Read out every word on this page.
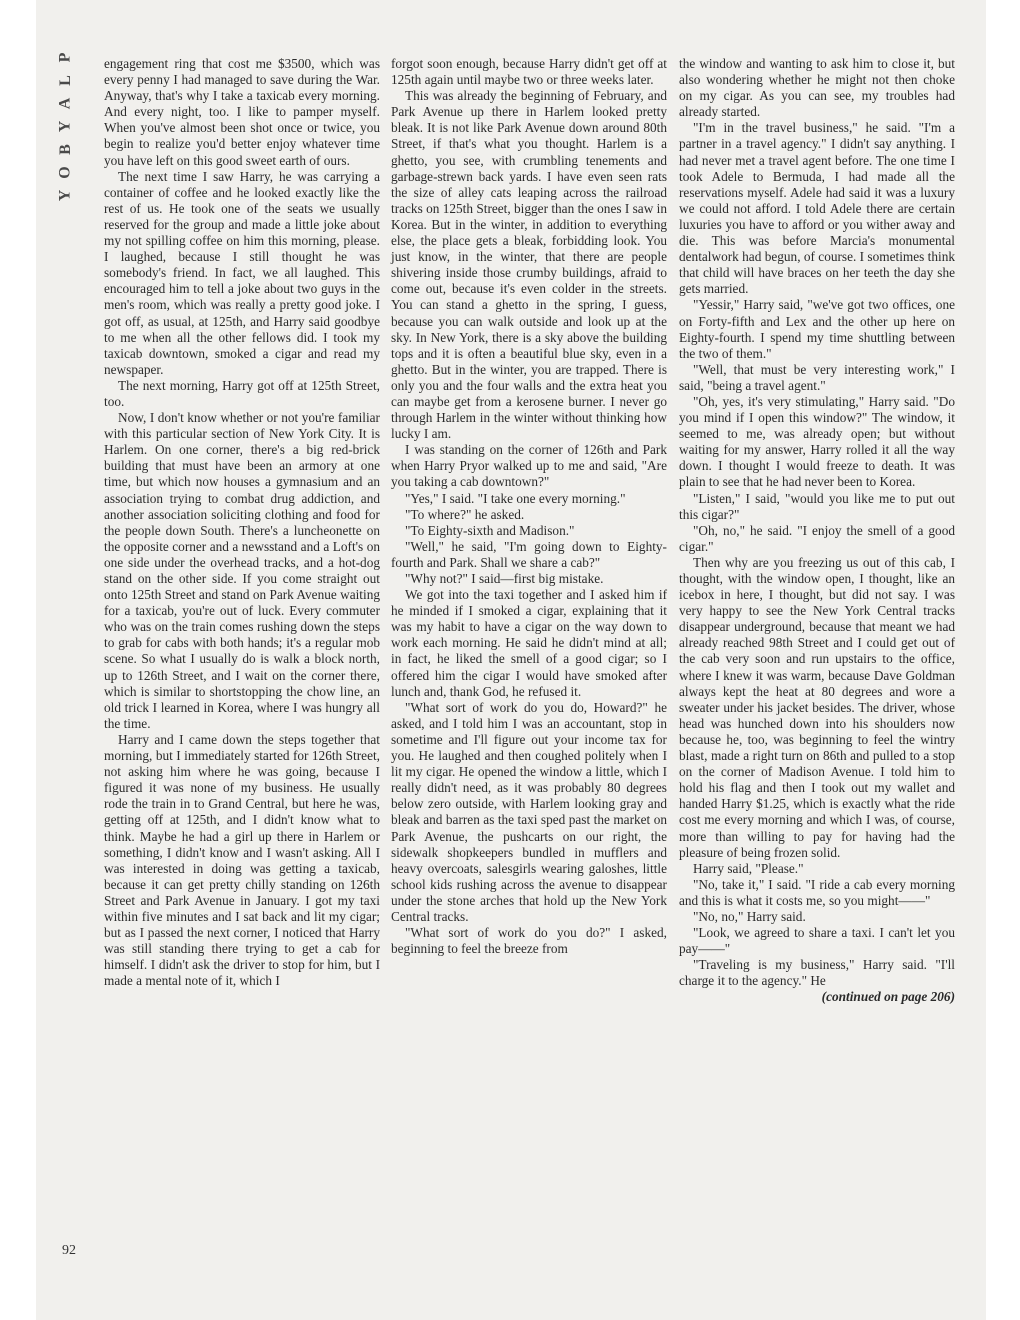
P
L
A
Y
B
O
Y

engagement ring that cost me $3500, which was every penny I had managed to save during the War. Anyway, that's why I take a taxicab every morning. And every night, too. I like to pamper myself. When you've almost been shot once or twice, you begin to realize you'd better enjoy whatever time you have left on this good sweet earth of ours.

The next time I saw Harry, he was carrying a container of coffee and he looked exactly like the rest of us. He took one of the seats we usually reserved for the group and made a little joke about my not spilling coffee on him this morning, please. I laughed, because I still thought he was somebody's friend. In fact, we all laughed. This encouraged him to tell a joke about two guys in the men's room, which was really a pretty good joke. I got off, as usual, at 125th, and Harry said goodbye to me when all the other fellows did. I took my taxicab downtown, smoked a cigar and read my newspaper.

The next morning, Harry got off at 125th Street, too.

Now, I don't know whether or not you're familiar with this particular section of New York City. It is Harlem. On one corner, there's a big red-brick building that must have been an armory at one time, but which now houses a gymnasium and an association trying to combat drug addiction, and another association soliciting clothing and food for the people down South. There's a luncheonette on the opposite corner and a newsstand and a Loft's on one side under the overhead tracks, and a hot-dog stand on the other side. If you come straight out onto 125th Street and stand on Park Avenue waiting for a taxicab, you're out of luck. Every commuter who was on the train comes rushing down the steps to grab for cabs with both hands; it's a regular mob scene. So what I usually do is walk a block north, up to 126th Street, and I wait on the corner there, which is similar to shortstopping the chow line, an old trick I learned in Korea, where I was hungry all the time.

Harry and I came down the steps together that morning, but I immediately started for 126th Street, not asking him where he was going, because I figured it was none of my business. He usually rode the train in to Grand Central, but here he was, getting off at 125th, and I didn't know what to think. Maybe he had a girl up there in Harlem or something, I didn't know and I wasn't asking. All I was interested in doing was getting a taxicab, because it can get pretty chilly standing on 126th Street and Park Avenue in January. I got my taxi within five minutes and I sat back and lit my cigar; but as I passed the next corner, I noticed that Harry was still standing there trying to get a cab for himself. I didn't ask the driver to stop for him, but I made a mental note of it, which I

forgot soon enough, because Harry didn't get off at 125th again until maybe two or three weeks later.

This was already the beginning of February, and Park Avenue up there in Harlem looked pretty bleak. It is not like Park Avenue down around 80th Street, if that's what you thought. Harlem is a ghetto, you see, with crumbling tenements and garbage-strewn back yards. I have even seen rats the size of alley cats leaping across the railroad tracks on 125th Street, bigger than the ones I saw in Korea. But in the winter, in addition to everything else, the place gets a bleak, forbidding look. You just know, in the winter, that there are people shivering inside those crumby buildings, afraid to come out, because it's even colder in the streets. You can stand a ghetto in the spring, I guess, because you can walk outside and look up at the sky. In New York, there is a sky above the building tops and it is often a beautiful blue sky, even in a ghetto. But in the winter, you are trapped. There is only you and the four walls and the extra heat you can maybe get from a kerosene burner. I never go through Harlem in the winter without thinking how lucky I am.

I was standing on the corner of 126th and Park when Harry Pryor walked up to me and said, "Are you taking a cab downtown?"

"Yes," I said. "I take one every morning."

"To where?" he asked.

"To Eighty-sixth and Madison."

"Well," he said, "I'm going down to Eighty-fourth and Park. Shall we share a cab?"

"Why not?" I said—first big mistake.

We got into the taxi together and I asked him if he minded if I smoked a cigar, explaining that it was my habit to have a cigar on the way down to work each morning. He said he didn't mind at all; in fact, he liked the smell of a good cigar; so I offered him the cigar I would have smoked after lunch and, thank God, he refused it.

"What sort of work do you do, Howard?" he asked, and I told him I was an accountant, stop in sometime and I'll figure out your income tax for you. He laughed and then coughed politely when I lit my cigar. He opened the window a little, which I really didn't need, as it was probably 80 degrees below zero outside, with Harlem looking gray and bleak and barren as the taxi sped past the market on Park Avenue, the pushcarts on our right, the sidewalk shopkeepers bundled in mufflers and heavy overcoats, salesgirls wearing galoshes, little school kids rushing across the avenue to disappear under the stone arches that hold up the New York Central tracks.

"What sort of work do you do?" I asked, beginning to feel the breeze from

the window and wanting to ask him to close it, but also wondering whether he might not then choke on my cigar. As you can see, my troubles had already started.

"I'm in the travel business," he said. "I'm a partner in a travel agency." I didn't say anything. I had never met a travel agent before. The one time I took Adele to Bermuda, I had made all the reservations myself. Adele had said it was a luxury we could not afford. I told Adele there are certain luxuries you have to afford or you wither away and die. This was before Marcia's monumental dentalwork had begun, of course. I sometimes think that child will have braces on her teeth the day she gets married.

"Yessir," Harry said, "we've got two offices, one on Forty-fifth and Lex and the other up here on Eighty-fourth. I spend my time shuttling between the two of them."

"Well, that must be very interesting work," I said, "being a travel agent."

"Oh, yes, it's very stimulating," Harry said. "Do you mind if I open this window?" The window, it seemed to me, was already open; but without waiting for my answer, Harry rolled it all the way down. I thought I would freeze to death. It was plain to see that he had never been to Korea.

"Listen," I said, "would you like me to put out this cigar?"

"Oh, no," he said. "I enjoy the smell of a good cigar."

Then why are you freezing us out of this cab, I thought, with the window open, I thought, like an icebox in here, I thought, but did not say. I was very happy to see the New York Central tracks disappear underground, because that meant we had already reached 98th Street and I could get out of the cab very soon and run upstairs to the office, where I knew it was warm, because Dave Goldman always kept the heat at 80 degrees and wore a sweater under his jacket besides. The driver, whose head was hunched down into his shoulders now because he, too, was beginning to feel the wintry blast, made a right turn on 86th and pulled to a stop on the corner of Madison Avenue. I told him to hold his flag and then I took out my wallet and handed Harry $1.25, which is exactly what the ride cost me every morning and which I was, of course, more than willing to pay for having had the pleasure of being frozen solid.

Harry said, "Please."

"No, take it," I said. "I ride a cab every morning and this is what it costs me, so you might——"

"No, no," Harry said.

"Look, we agreed to share a taxi. I can't let you pay——"

"Traveling is my business," Harry said. "I'll charge it to the agency." He

(continued on page 206)

92
